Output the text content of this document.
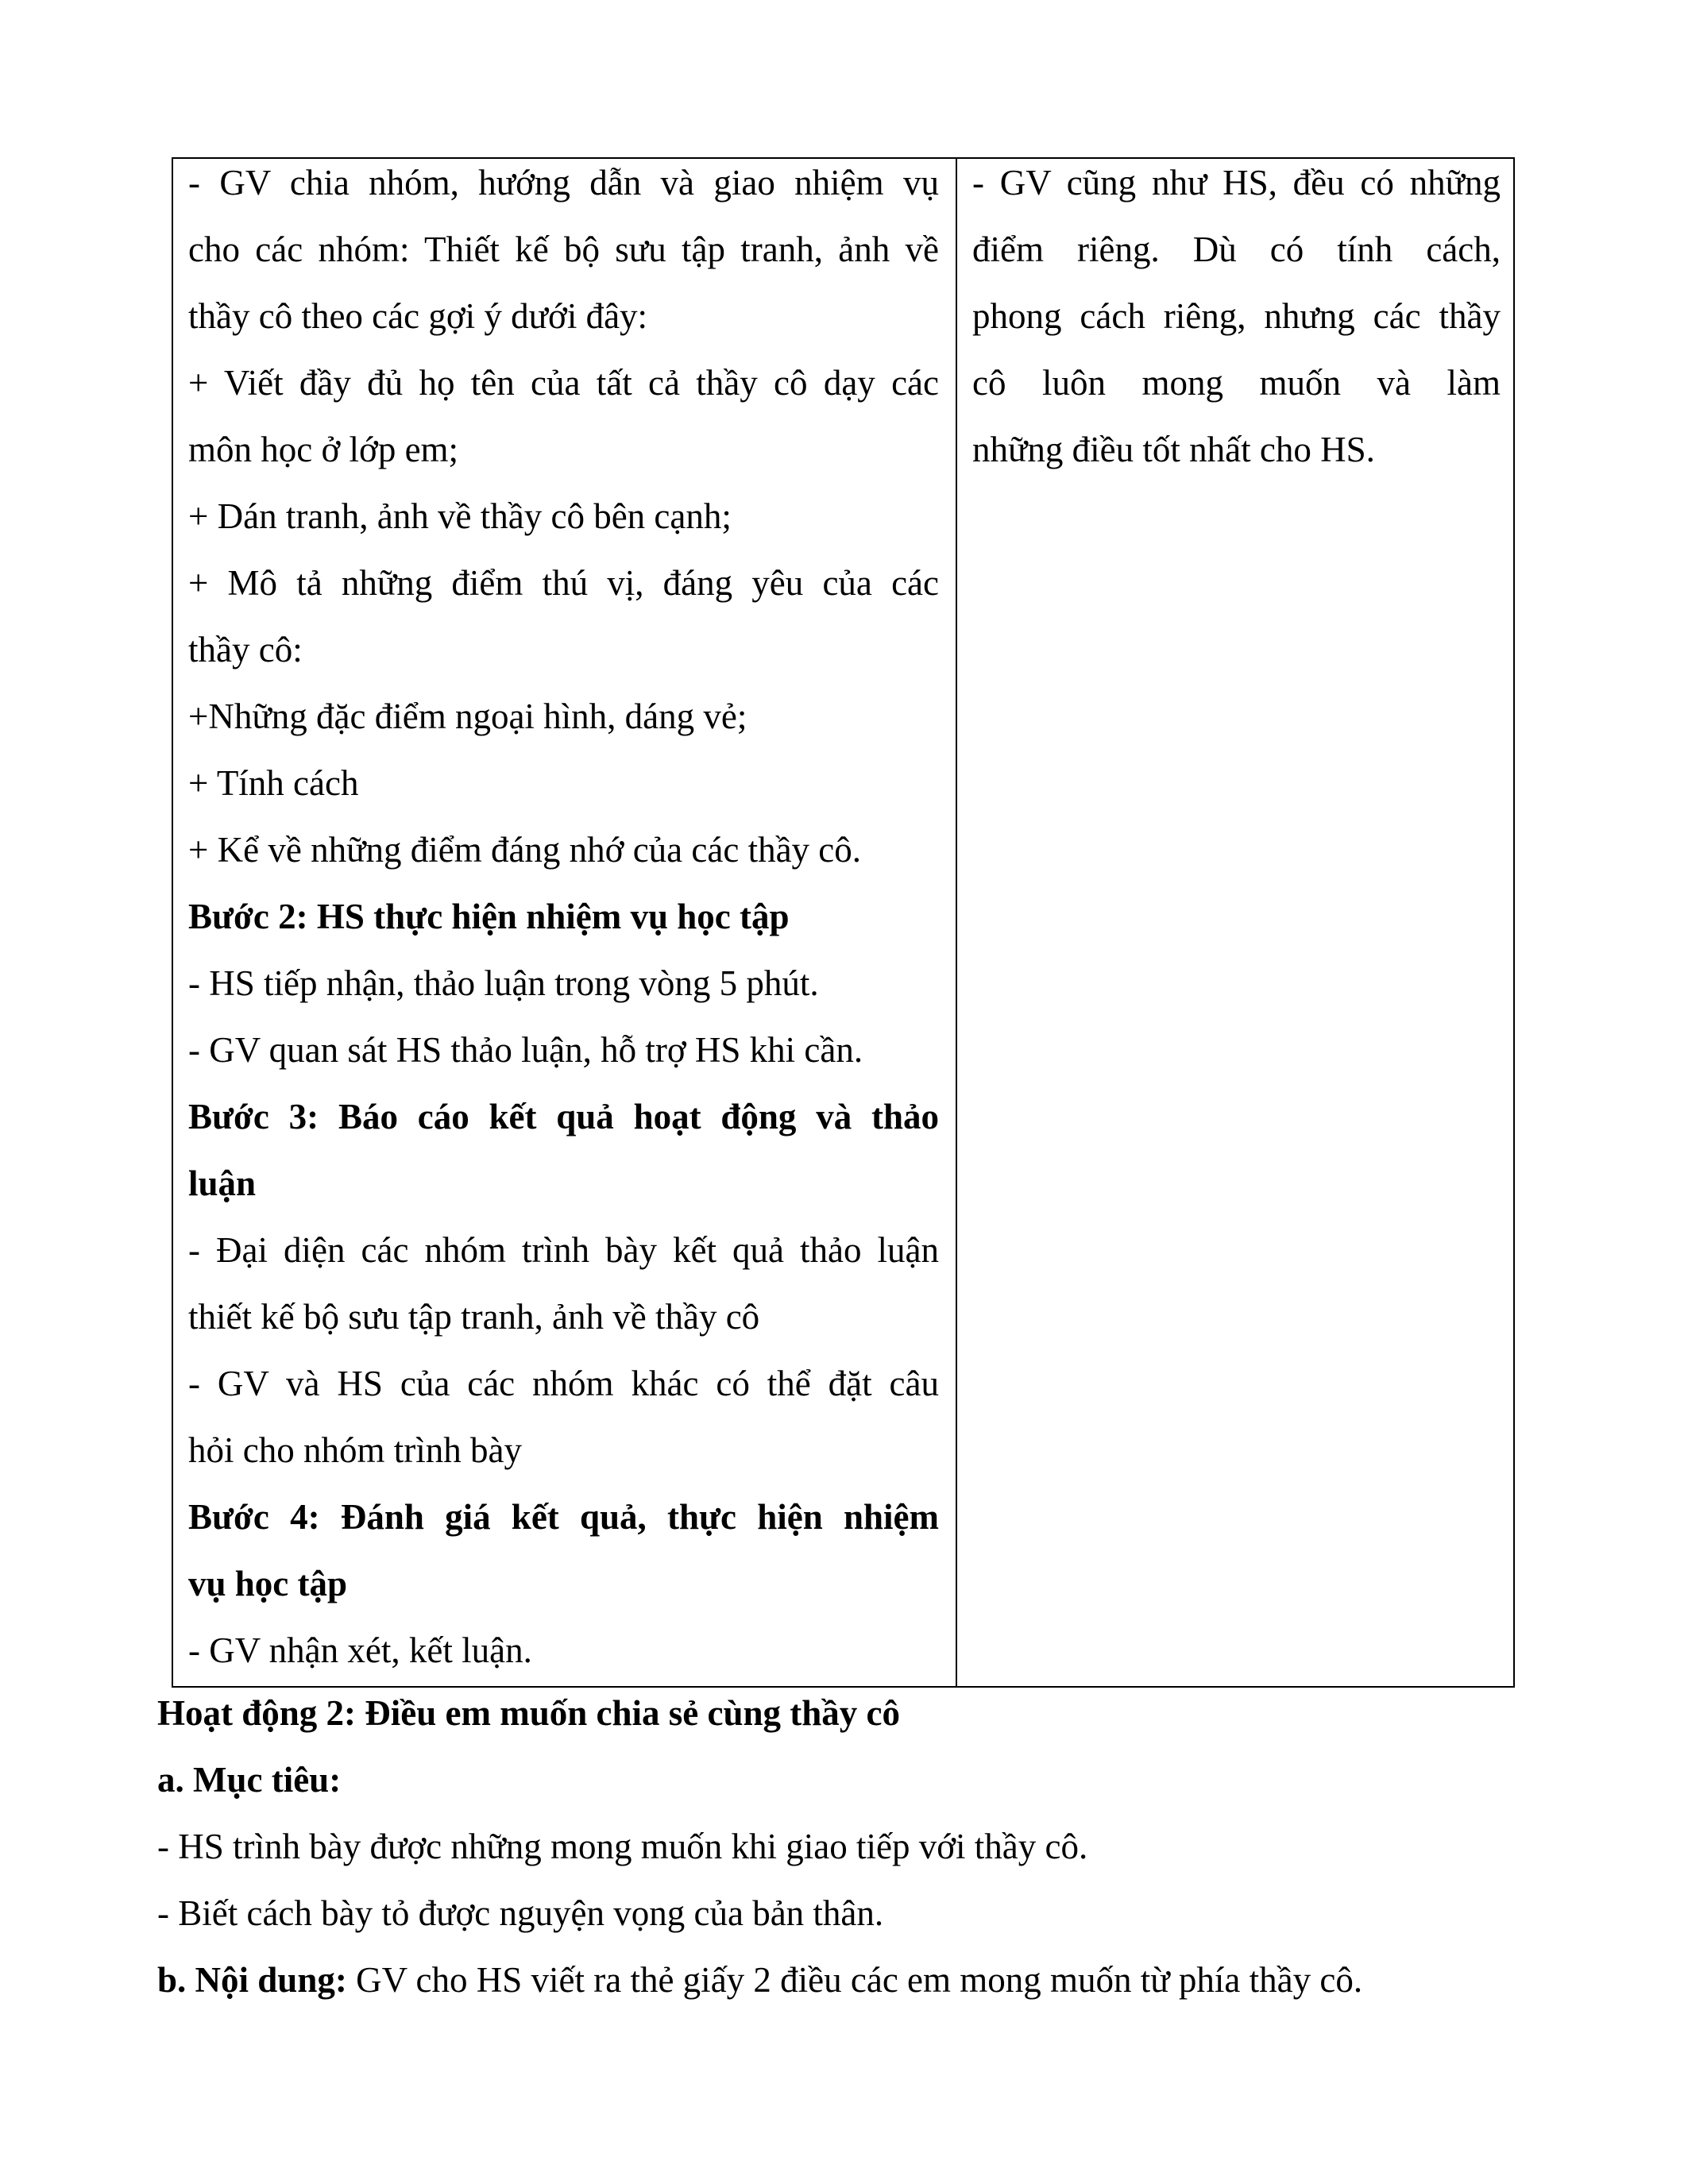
- GV chia nhóm, hướng dẫn và giao nhiệm vụ
cho các nhóm: Thiết kế bộ sưu tập tranh, ảnh về
thầy cô theo các gợi ý dưới đây:
+ Viết đầy đủ họ tên của tất cả thầy cô dạy các
môn học ở lớp em;
+ Dán tranh, ảnh về thầy cô bên cạnh;
+ Mô tả những điểm thú vị, đáng yêu của các
thầy cô:
+Những đặc điểm ngoại hình, dáng vẻ;
+ Tính cách
+ Kể về những điểm đáng nhớ của các thầy cô.
Bước 2: HS thực hiện nhiệm vụ học tập
- HS tiếp nhận, thảo luận trong vòng 5 phút.
- GV quan sát HS thảo luận, hỗ trợ HS khi cần.
Bước 3: Báo cáo kết quả hoạt động và thảo
luận
- Đại diện các nhóm trình bày kết quả thảo luận
thiết kế bộ sưu tập tranh, ảnh về thầy cô
- GV và HS của các nhóm khác có thể đặt câu
hỏi cho nhóm trình bày
Bước 4: Đánh giá kết quả, thực hiện nhiệm
vụ học tập
- GV nhận xét, kết luận.
- GV cũng như HS, đều có những
điểm riêng. Dù có tính cách,
phong cách riêng, nhưng các thầy
cô luôn mong muốn và làm
những điều tốt nhất cho HS.
Hoạt động 2: Điều em muốn chia sẻ cùng thầy cô
a. Mục tiêu:
- HS trình bày được những mong muốn khi giao tiếp với thầy cô.
- Biết cách bày tỏ được nguyện vọng của bản thân.
b. Nội dung: GV cho HS viết ra thẻ giấy 2 điều các em mong muốn từ phía thầy cô.
